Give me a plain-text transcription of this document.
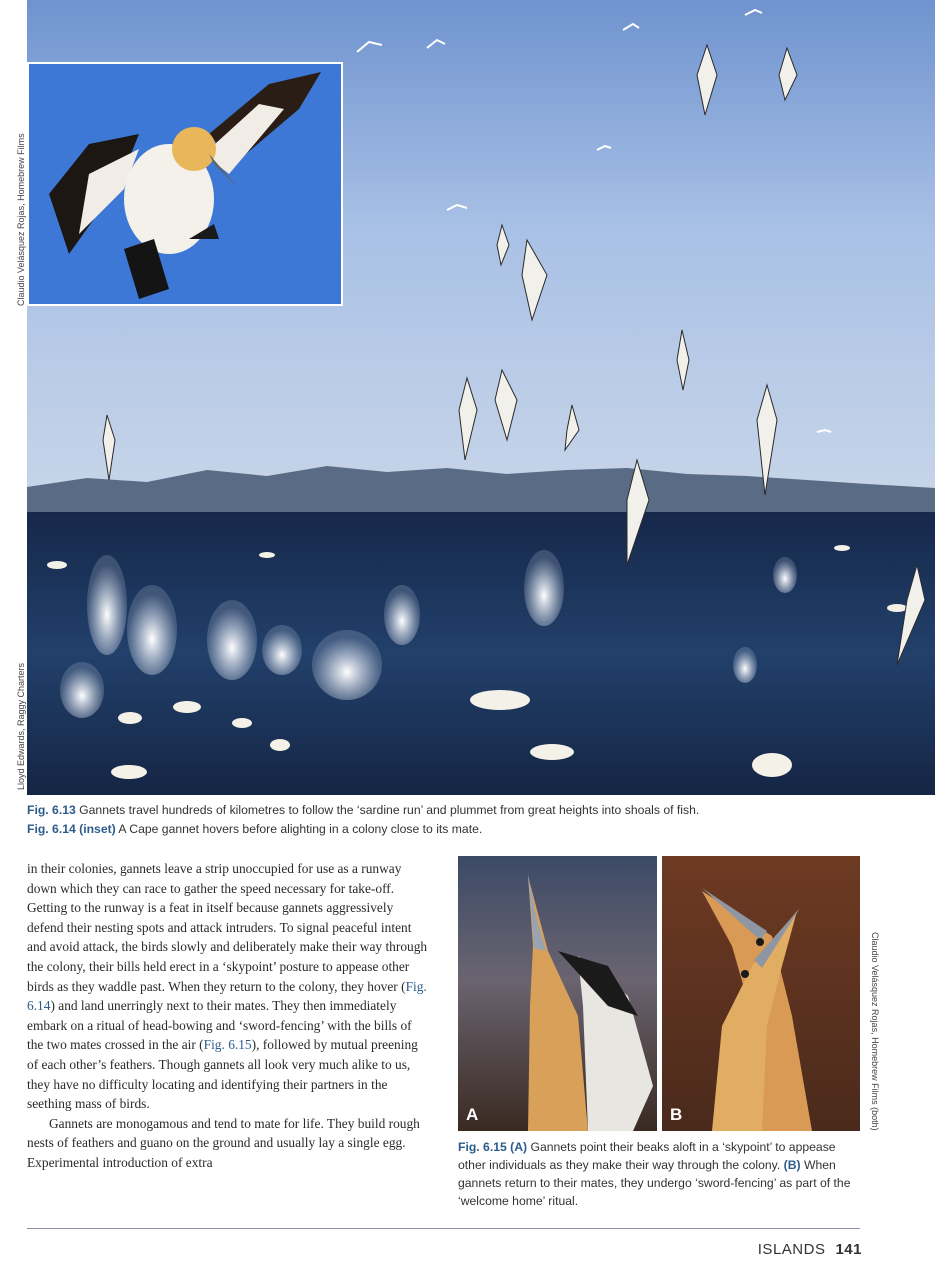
Claudio Velásquez Rojas, Homebrew Films
Lloyd Edwards, Raggy Charters
Claudio Velásquez Rojas, Homebrew Films (both)
Fig. 6.13 Gannets travel hundreds of kilometres to follow the ‘sardine run’ and plummet from great heights into shoals of fish.
Fig. 6.14 (inset) A Cape gannet hovers before alighting in a colony close to its mate.

in their colonies, gannets leave a strip unoccupied for use as a runway down which they can race to gather the speed necessary for take-off. Getting to the runway is a feat in itself because gannets aggressively defend their nesting spots and attack intruders. To signal peaceful intent and avoid attack, the birds slowly and deliberately make their way through the colony, their bills held erect in a ‘skypoint’ posture to appease other birds as they waddle past. When they return to the colony, they hover (Fig. 6.14) and land unerringly next to their mates. They then immediately embark on a ritual of head-bowing and ‘sword-fencing’ with the bills of the two mates crossed in the air (Fig. 6.15), followed by mutual preening of each other’s feathers. Though gannets all look very much alike to us, they have no difficulty locating and identifying their partners in the seething mass of birds.

Gannets are monogamous and tend to mate for life. They build rough nests of feathers and guano on the ground and usually lay a single egg. Experimental introduction of extra

A	B
Fig. 6.15 (A) Gannets point their beaks aloft in a ‘skypoint’ to appease other individuals as they make their way through the colony. (B) When gannets return to their mates, they undergo ‘sword-fencing’ as part of the ‘welcome home’ ritual.
ISLANDS 141
